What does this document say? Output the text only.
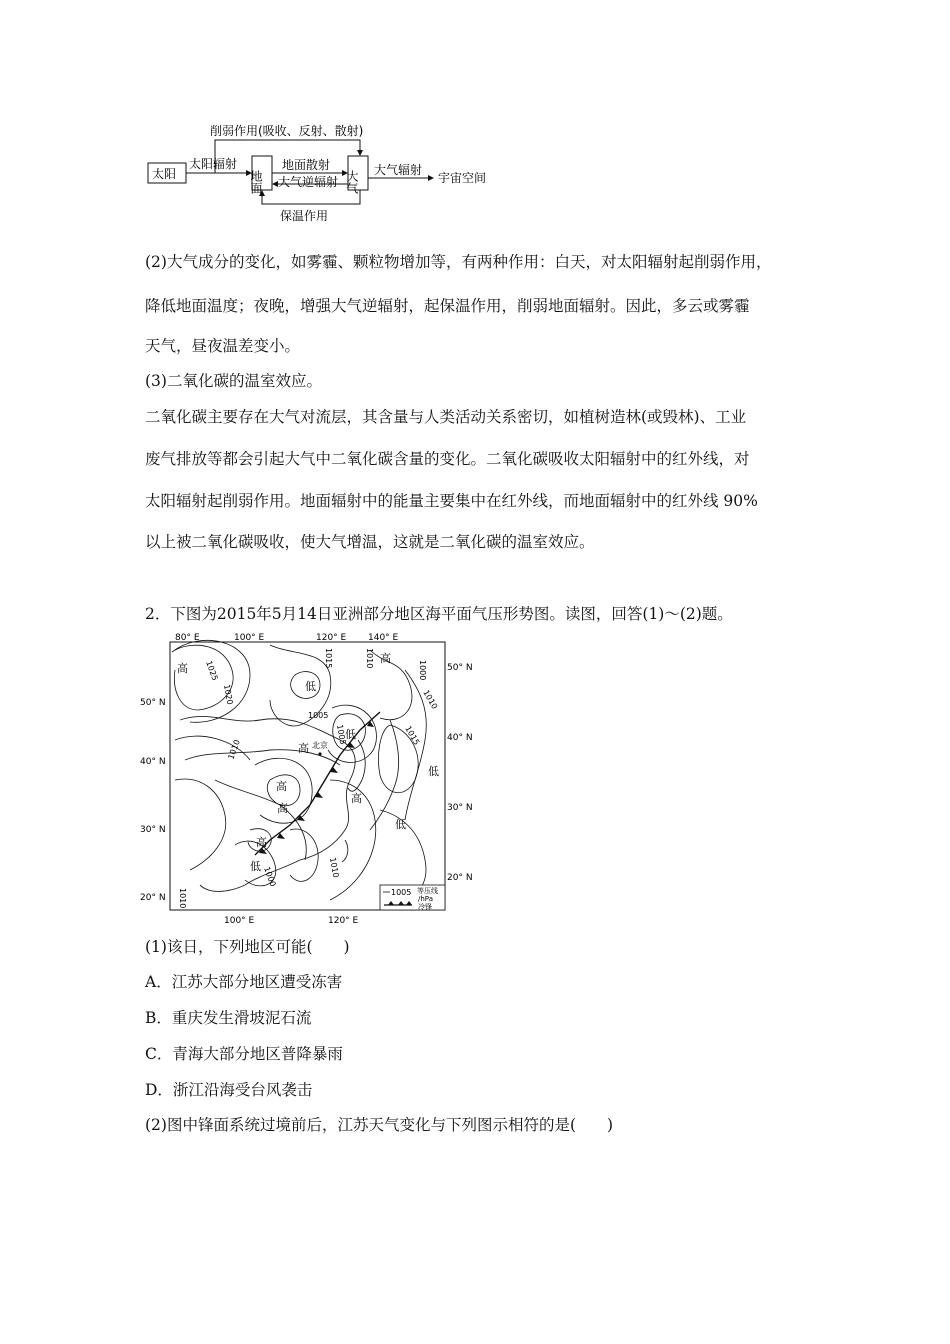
太阳
太阳辐射
削弱作用(吸收、反射、散射)
地面
地面散射
大气逆辐射 大气 大气辐射
宇宙空间
保温作用
(2)大气成分的变化，如雾霾、颗粒物增加等，有两种作用：白天，对太阳辐射起削弱作用，
降低地面温度；夜晚，增强大气逆辐射，起保温作用，削弱地面辐射。因此，多云或雾霾
天气，昼夜温差变小。
(3)二氧化碳的温室效应。
二氧化碳主要存在大气对流层，其含量与人类活动关系密切，如植树造林(或毁林)、工业
废气排放等都会引起大气中二氧化碳含量的变化。二氧化碳吸收太阳辐射中的红外线，对
太阳辐射起削弱作用。地面辐射中的能量主要集中在红外线，而地面辐射中的红外线 90%
以上被二氧化碳吸收，使大气增温，这就是二氧化碳的温室效应。
2．下图为2015年5月14日亚洲部分地区海平面气压形势图。读图，回答(1)～(2)题。
80° E	100° E	120° E 140° E
100° E	120° E
50° N
40° N
30° N
20° N
50° N
40° N
30° N
20° N
高
低
高
低
高
高
高
高
低
低
高
低
北京
1025
1020
1015	1010
1005
1000
1010
1015
1010
1005
1000	1010
1010	1005 等压线
/hPa
冷锋
(1)该日，下列地区可能(　　)
A．江苏大部分地区遭受冻害
B．重庆发生滑坡泥石流
C．青海大部分地区普降暴雨
D．浙江沿海受台风袭击
(2)图中锋面系统过境前后，江苏天气变化与下列图示相符的是(　　)
